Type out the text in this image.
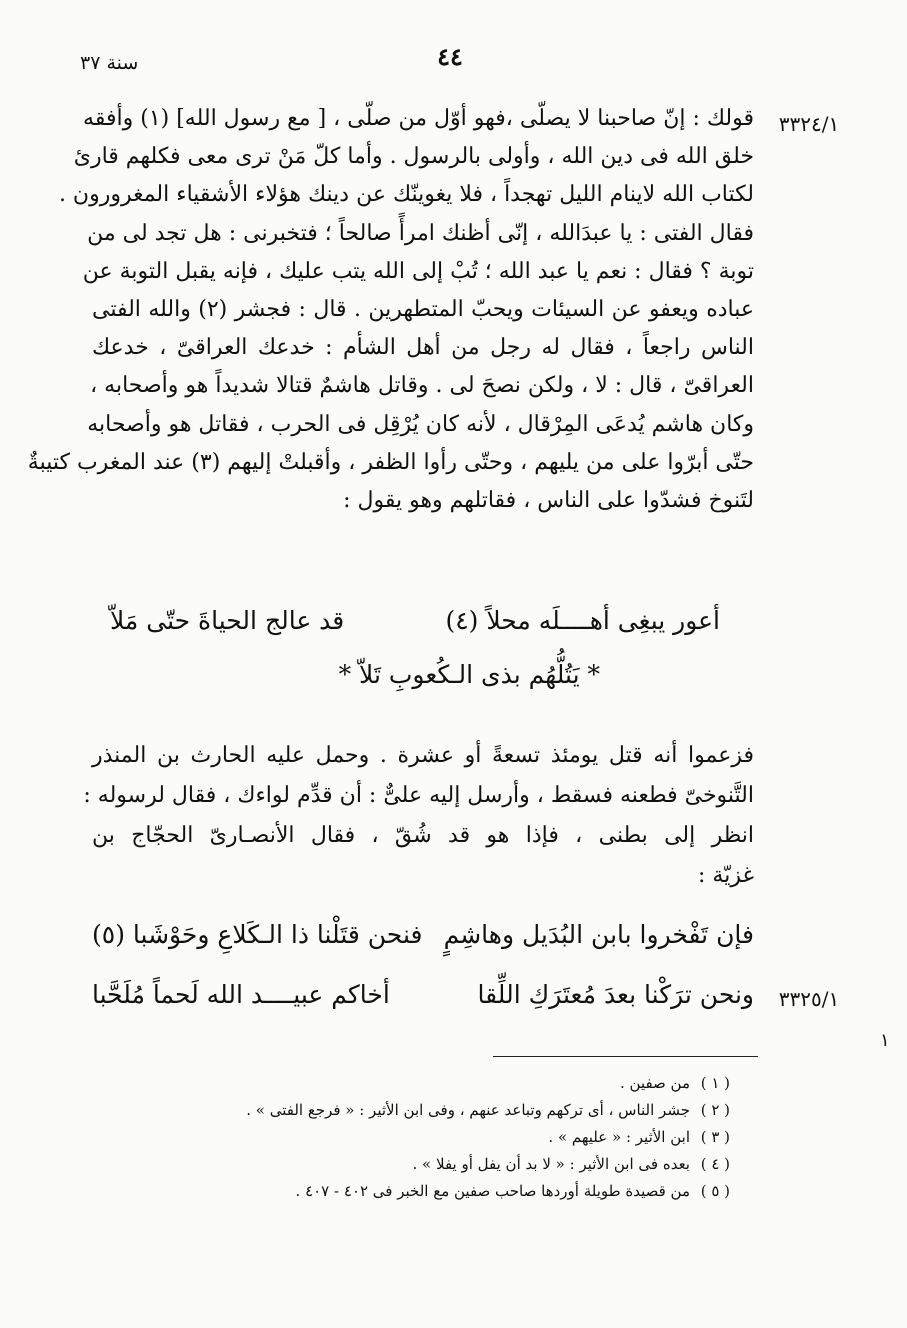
سنة ٣٧	٤٤
٣٣٢٤/١
٣٣٢٥/١
١
قولك : إنّ صاحبنا لا يصلّى ،فهو أوّل من صلّى ، [ مع رسول الله] (١) وأفقه
خلق الله فى دين الله ، وأولى بالرسول . وأما كلّ مَنْ ترى معى فكلهم قارئ
لكتاب الله لاينام الليل تهجداً ، فلا يغوينّك عن دينك هؤلاء الأشقياء المغرورون .
فقال الفتى : يا عبدَالله ، إنّى أظنك امرأً صالحاً ؛ فتخبرنى : هل تجد لى من
توبة ؟ فقال : نعم يا عبد الله ؛ تُبْ إلى الله يتب عليك ، فإنه يقبل التوبة عن
عباده ويعفو عن السيئات ويحبّ المتطهرين . قال : فجشر (٢) والله الفتى
الناس راجعاً ، فقال له رجل من أهل الشأم : خدعك العراقىّ ، خدعك
العراقىّ ، قال : لا ، ولكن نصحَ لى . وقاتل هاشمٌ قتالا شديداً هو وأصحابه ،
وكان هاشم يُدعَى المِرْقال ، لأنه كان يُرْقِل فى الحرب ، فقاتل هو وأصحابه
حتّى أبرّوا على من يليهم ، وحتّى رأوا الظفر ، وأقبلتْ إليهم (٣) عند المغرب كتيبةٌ
لتَنوخ فشدّوا على الناس ، فقاتلهم وهو يقول :
أعور يبغِى أهــــلَه محلاً (٤)
قد عالج الحياةَ حتّى مَلاّ
* يَتُلُّهُم بذى الـكُعوبِ تَلاّ *
فزعموا أنه قتل يومئذ تسعةً أو عشرة . وحمل عليه الحارث بن المنذر
التَّنوخىّ فطعنه فسقط ، وأرسل إليه علىٌّ : أن قدِّم لواءك ، فقال لرسوله :
انظر إلى بطنى ، فإذا هو قد شُقّ ، فقال الأنصـارىّ الحجّاج بن
غزيّة :
فإن تَفْخروا بابن البُدَيل وهاشِمٍ
فنحن قتَلْنا ذا الـكَلاعِ وحَوْشَبا (٥)
ونحن ترَكْنا بعدَ مُعتَرَكِ اللِّقا
أخاكم عبيــــد الله لَحماً مُلَحَّبا
( ١ )من صفين .
( ٢ )جشر الناس ، أى تركهم وتباعد عنهم ، وفى ابن الأثير : « فرجع الفتى » .
( ٣ )ابن الأثير : « عليهم » .
( ٤ )بعده فى ابن الأثير : « لا بد أن يفل أو يفلا » .
( ٥ )من قصيدة طويلة أوردها صاحب صفين مع الخبر فى ٤٠٢ - ٤٠٧ .
